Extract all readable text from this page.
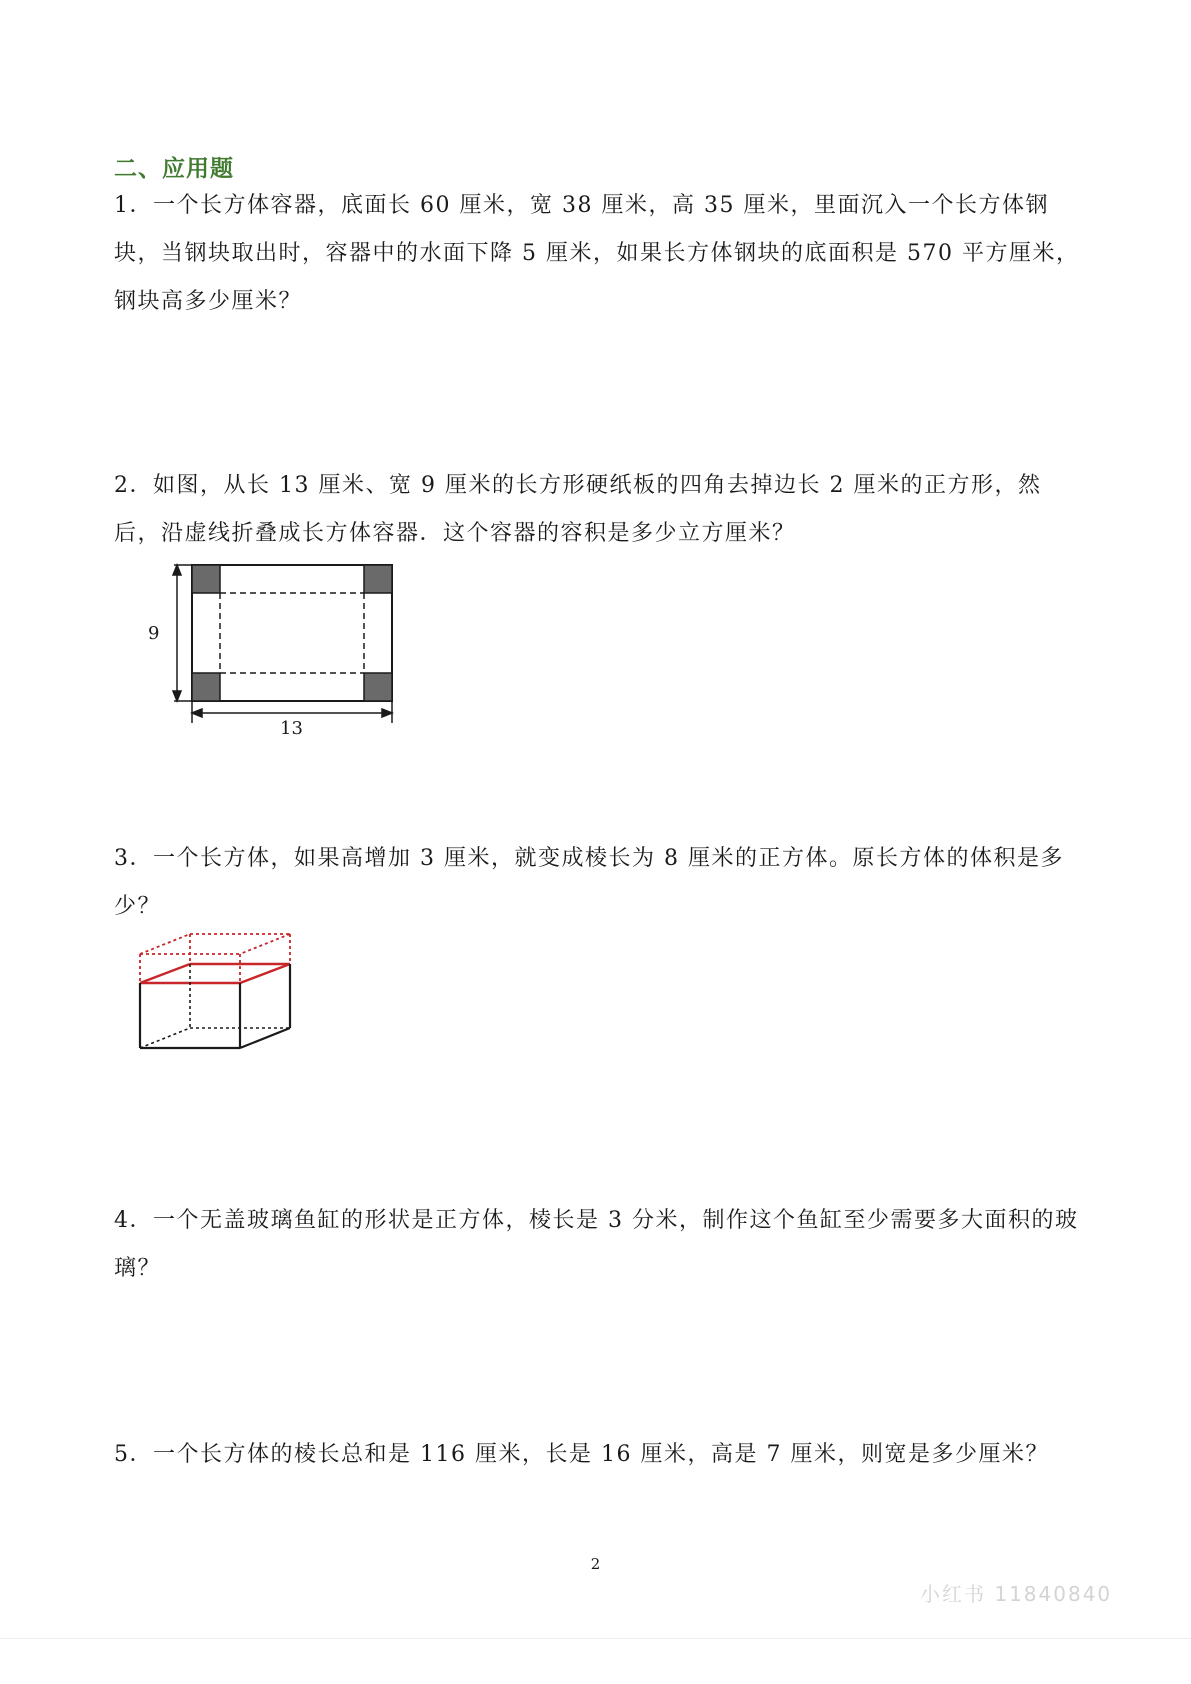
二、应用题
1．一个长方体容器，底面长 60 厘米，宽 38 厘米，高 35 厘米，里面沉入一个长方体钢块，当钢块取出时，容器中的水面下降 5 厘米，如果长方体钢块的底面积是 570 平方厘米，钢块高多少厘米？
2．如图，从长 13 厘米、宽 9 厘米的长方形硬纸板的四角去掉边长 2 厘米的正方形，然后，沿虚线折叠成长方体容器．这个容器的容积是多少立方厘米？
9
13
3．一个长方体，如果高增加 3 厘米，就变成棱长为 8 厘米的正方体。原长方体的体积是多少？
4．一个无盖玻璃鱼缸的形状是正方体，棱长是 3 分米，制作这个鱼缸至少需要多大面积的玻璃？
5．一个长方体的棱长总和是 116 厘米，长是 16 厘米，高是 7 厘米，则宽是多少厘米？
2
小红书 11840840
